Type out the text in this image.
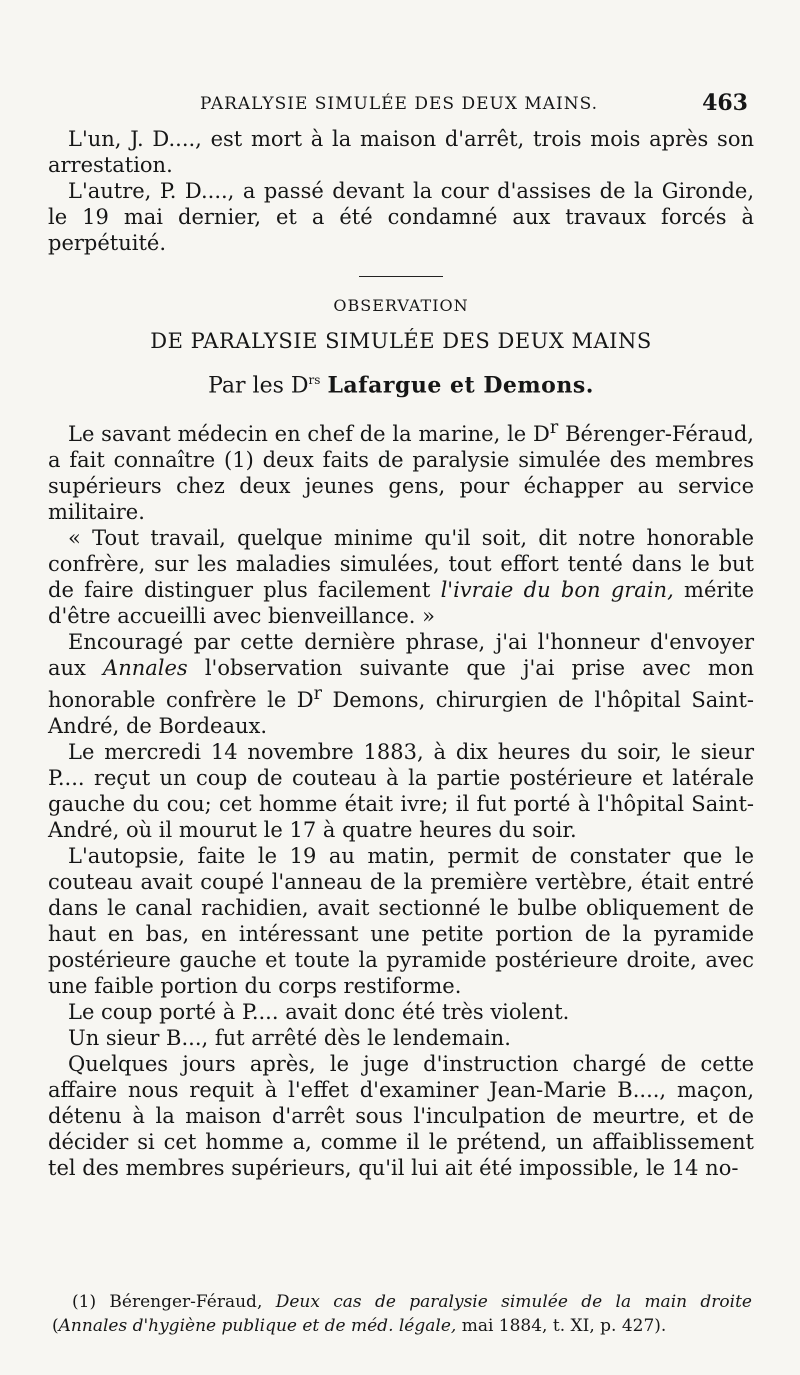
PARALYSIE SIMULÉE DES DEUX MAINS.	463

L'un, J. D...., est mort à la maison d'arrêt, trois mois après son arrestation.

L'autre, P. D...., a passé devant la cour d'assises de la Gironde, le 19 mai dernier, et a été condamné aux travaux forcés à perpétuité.

OBSERVATION
DE PARALYSIE SIMULÉE DES DEUX MAINS
Par les $D^{rs}$ Lafargue et Demons.

Le savant médecin en chef de la marine, le $D^r$ Bérenger-Féraud, a fait connaître (1) deux faits de paralysie simulée des membres supérieurs chez deux jeunes gens, pour échapper au service militaire.

« Tout travail, quelque minime qu'il soit, dit notre honorable confrère, sur les maladies simulées, tout effort tenté dans le but de faire distinguer plus facilement l'ivraie du bon grain, mérite d'être accueilli avec bienveillance. »

Encouragé par cette dernière phrase, j'ai l'honneur d'envoyer aux Annales l'observation suivante que j'ai prise avec mon honorable confrère le $D^r$ Demons, chirurgien de l'hôpital Saint-André, de Bordeaux.

Le mercredi 14 novembre 1883, à dix heures du soir, le sieur P.... reçut un coup de couteau à la partie postérieure et latérale gauche du cou; cet homme était ivre; il fut porté à l'hôpital Saint-André, où il mourut le 17 à quatre heures du soir.

L'autopsie, faite le 19 au matin, permit de constater que le couteau avait coupé l'anneau de la première vertèbre, était entré dans le canal rachidien, avait sectionné le bulbe obliquement de haut en bas, en intéressant une petite portion de la pyramide postérieure gauche et toute la pyramide postérieure droite, avec une faible portion du corps restiforme.

Le coup porté à P.... avait donc été très violent.

Un sieur B..., fut arrêté dès le lendemain.

Quelques jours après, le juge d'instruction chargé de cette affaire nous requit à l'effet d'examiner Jean-Marie B...., maçon, détenu à la maison d'arrêt sous l'inculpation de meurtre, et de décider si cet homme a, comme il le prétend, un affaiblissement tel des membres supérieurs, qu'il lui ait été impossible, le 14 no-

(1) Bérenger-Féraud, Deux cas de paralysie simulée de la main droite (Annales d'hygiène publique et de méd. légale, mai 1884, t. XI, p. 427).
